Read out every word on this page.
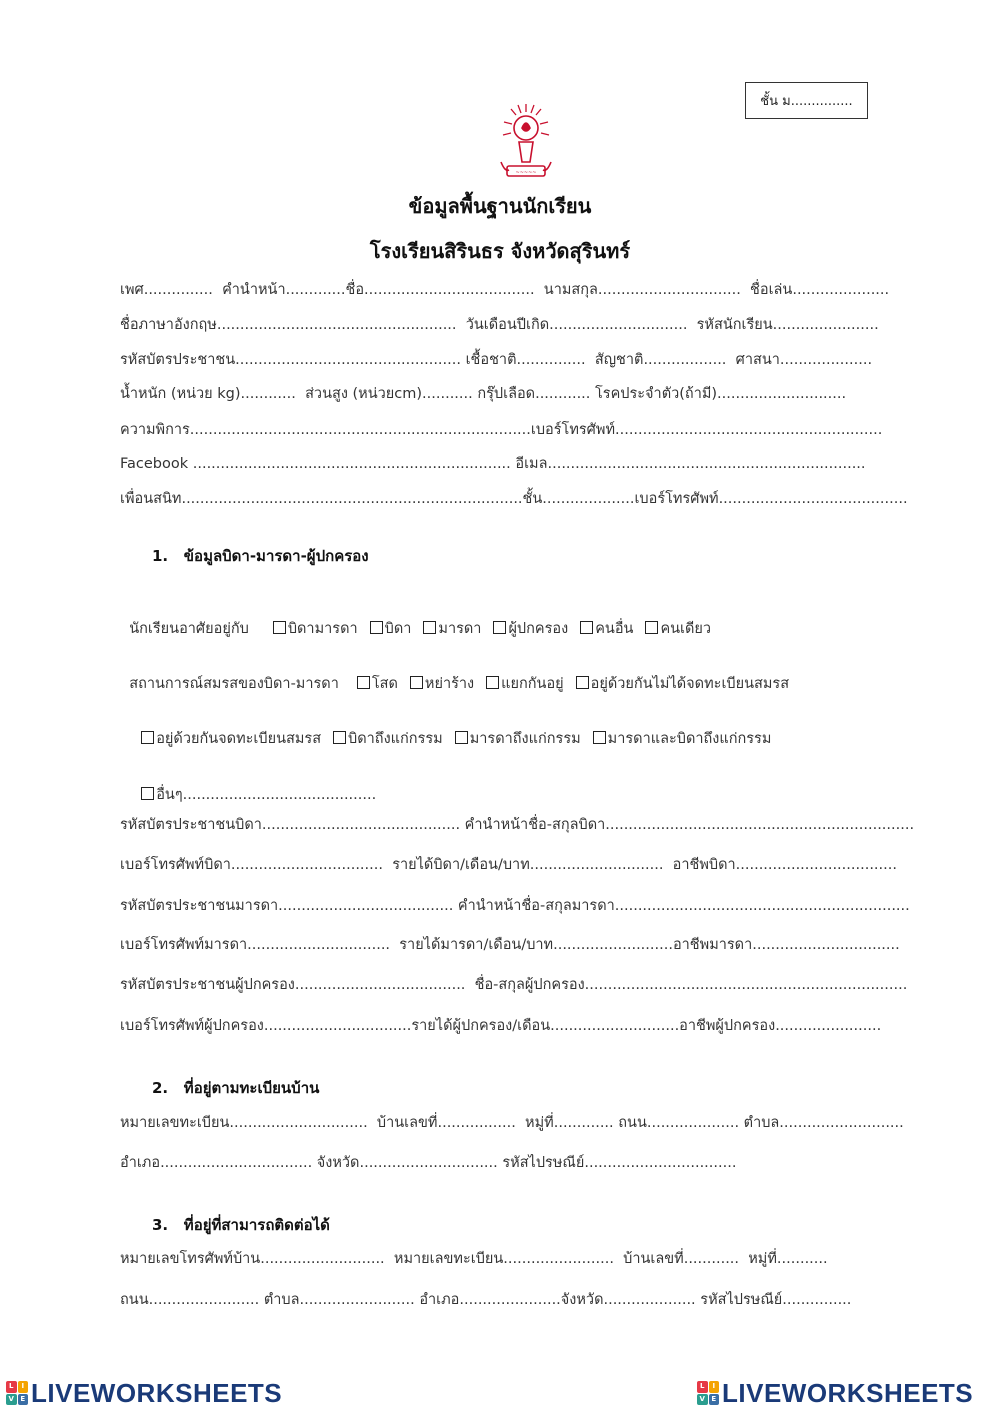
ชั้น ม...............
~~~~~
ข้อมูลพื้นฐานนักเรียน
โรงเรียนสิรินธร จังหวัดสุรินทร์
เพศ...............  คำนำหน้า.............ชื่อ.....................................  นามสกุล...............................  ชื่อเล่น.....................
ชื่อภาษาอังกฤษ....................................................  วันเดือนปีเกิด..............................  รหัสนักเรียน.......................
รหัสบัตรประชาชน................................................. เชื้อชาติ...............  สัญชาติ..................  ศาสนา....................
น้ำหนัก (หน่วย kg)............  ส่วนสูง (หน่วยcm)........... กรุ๊ปเลือด............ โรคประจำตัว(ถ้ามี)............................
ความพิการ..........................................................................เบอร์โทรศัพท์..........................................................
Facebook ..................................................................... อีเมล.....................................................................
เพื่อนสนิท..........................................................................ชั้น....................เบอร์โทรศัพท์.........................................
1.   ข้อมูลบิดา-มารดา-ผู้ปกครอง

นักเรียนอาศัยอยู่กับ	บิดามารดา บิดา มารดา ผู้ปกครอง คนอื่น คนเดียว

สถานการณ์สมรสของบิดา-มารดา โสด หย่าร้าง แยกกันอยู่ อยู่ด้วยกันไม่ได้จดทะเบียนสมรส

อยู่ด้วยกันจดทะเบียนสมรส บิดาถึงแก่กรรม มารดาถึงแก่กรรม มารดาและบิดาถึงแก่กรรม

อื่นๆ..........................................

รหัสบัตรประชาชนบิดา........................................... คำนำหน้าชื่อ-สกุลบิดา...................................................................
เบอร์โทรศัพท์บิดา.................................  รายได้บิดา/เดือน/บาท.............................  อาชีพบิดา...................................
รหัสบัตรประชาชนมารดา...................................... คำนำหน้าชื่อ-สกุลมารดา................................................................
เบอร์โทรศัพท์มารดา...............................  รายได้มารดา/เดือน/บาท..........................อาชีพมารดา................................
รหัสบัตรประชาชนผู้ปกครอง.....................................  ชื่อ-สกุลผู้ปกครอง......................................................................
เบอร์โทรศัพท์ผู้ปกครอง................................รายได้ผู้ปกครอง/เดือน............................อาชีพผู้ปกครอง.......................
2.   ที่อยู่ตามทะเบียนบ้าน
หมายเลขทะเบียน..............................  บ้านเลขที่.................  หมู่ที่............. ถนน.................... ตำบล...........................
อำเภอ................................. จังหวัด.............................. รหัสไปรษณีย์.................................
3.   ที่อยู่ที่สามารถติดต่อได้
หมายเลขโทรศัพท์บ้าน...........................  หมายเลขทะเบียน........................  บ้านเลขที่............  หมู่ที่...........
ถนน........................ ตำบล......................... อำเภอ......................จังหวัด.................... รหัสไปรษณีย์...............
L	I
V E LIVEWORKSHEETS	L	I
V E LIVEWORKSHEETS
